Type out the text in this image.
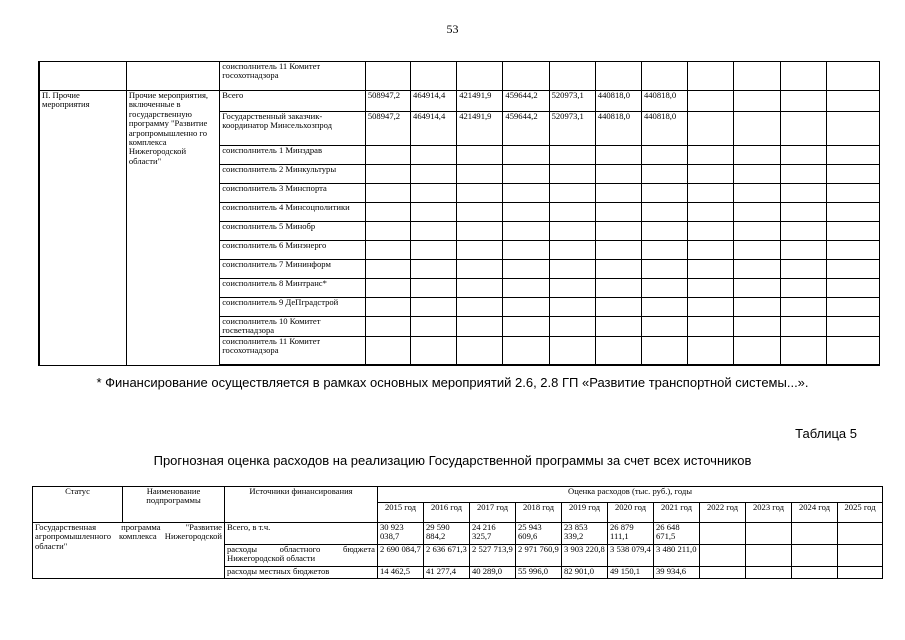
53
		соисполнитель 11 Комитет госохотнадзора											
П. Прочие мероприятия	Прочие мероприятия, включенные в государственную программу "Развитие агропромышленно го комплекса Нижегородской области"	Всего	508947,2	464914,4	421491,9	459644,2	520973,1	440818,0	440818,0				
		Государственный заказчик-координатор Минсельхозпрод	508947,2	464914,4	421491,9	459644,2	520973,1	440818,0	440818,0				
		соисполнитель 1 Минздрав											
		соисполнитель 2 Минкультуры											
		соисполнитель 3 Минспорта											
		соисполнитель 4 Минсоцполитики											
		соисполнитель 5 Минобр											
		соисполнитель 6 Минэнерго											
		соисполнитель 7 Мининформ											
		соисполнитель 8 Минтранс*											
		соисполнитель 9 ДеПградстрой											
		соисполнитель 10 Комитет госветнадзора											
		соисполнитель 11 Комитет госохотнадзора											
* Финансирование осуществляется в рамках основных мероприятий 2.6, 2.8 ГП «Развитие транспортной системы...».
Таблица 5
Прогнозная оценка расходов на реализацию Государственной программы за счет всех источников
Статус	Наименование подпрограммы	Источники финансирования	Оценка расходов (тыс. руб.), годы										
			2015 год	2016 год	2017 год	2018 год	2019 год	2020 год	2021 год	2022 год	2023 год	2024 год	2025 год
Государственная программа "Развитие агропромышленного комплекса Нижегородской области"		Всего, в т.ч.	30 923 038,7	29 590 884,2	24 216 325,7	25 943 609,6	23 853 339,2	26 879 111,1	26 648 671,5				
		расходы областного бюджета Нижегородской области	2 690 084,7	2 636 671,3	2 527 713,9	2 971 760,9	3 903 220,8	3 538 079,4	3 480 211,0				
		расходы местных бюджетов	14 462,5	41 277,4	40 289,0	55 996,0	82 901,0	49 150,1	39 934,6				
